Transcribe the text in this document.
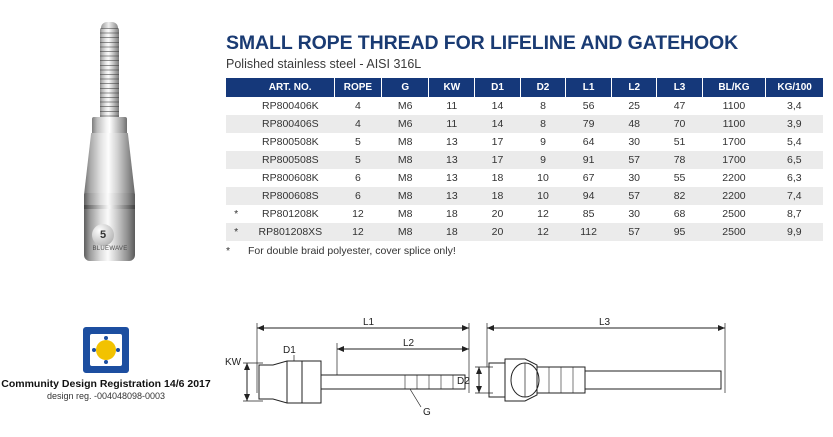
5
BLUEWAVE
SMALL ROPE THREAD FOR LIFELINE AND GATEHOOK
Polished stainless steel - AISI 316L
	ART. NO.	ROPE	G	KW	D1	D2	L1	L2	L3	BL/KG	KG/100
	RP800406K	4	M6	11	14	8	56	25	47	1100	3,4
	RP800406S	4	M6	11	14	8	79	48	70	1100	3,9
	RP800508K	5	M8	13	17	9	64	30	51	1700	5,4
	RP800508S	5	M8	13	17	9	91	57	78	1700	6,5
	RP800608K	6	M8	13	18	10	67	30	55	2200	6,3
	RP800608S	6	M8	13	18	10	94	57	82	2200	7,4
*	RP801208K	12	M8	18	20	12	85	30	68	2500	8,7
*	RP801208XS	12	M8	18	20	12	112	57	95	2500	9,9
* For double braid polyester, cover splice only!
Community Design Registration 14/6 2017
design reg. -004048098-0003
L1
L2
KW
D1
G
L3
D2
